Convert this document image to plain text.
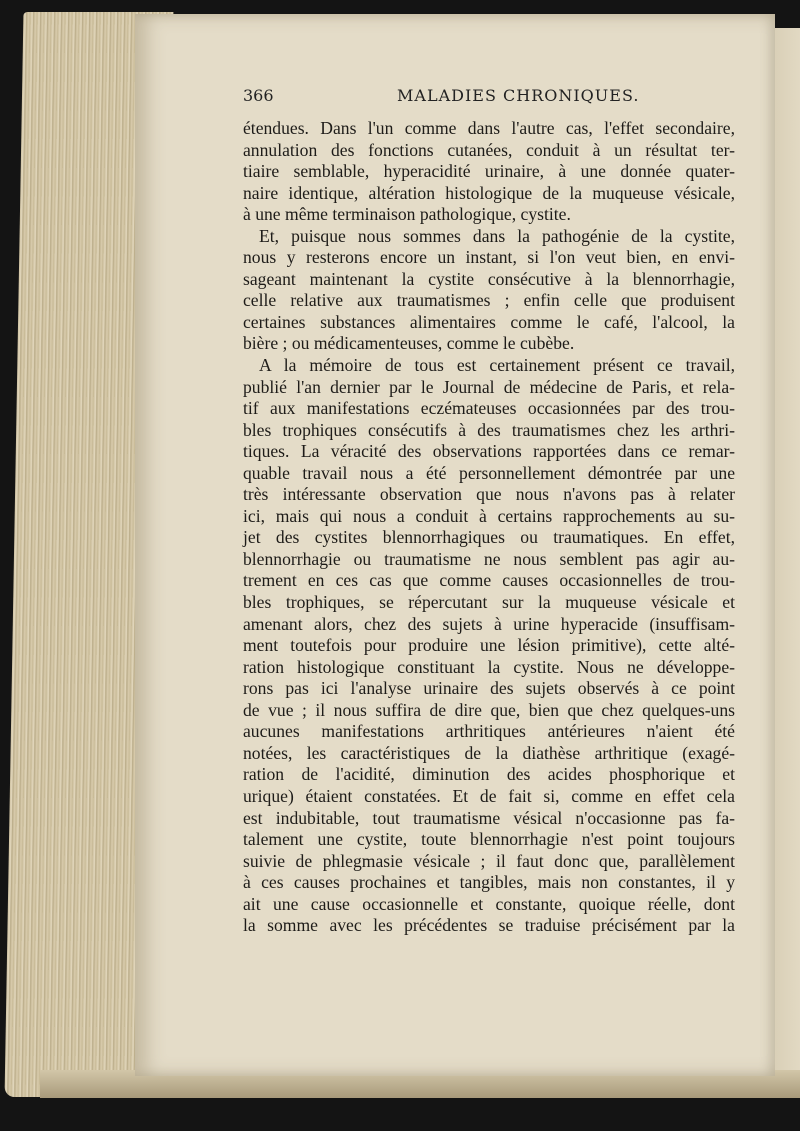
366	MALADIES CHRONIQUES.
étendues. Dans l'un comme dans l'autre cas, l'effet secondaire,
annulation des fonctions cutanées, conduit à un résultat ter-
tiaire semblable, hyperacidité urinaire, à une donnée quater-
naire identique, altération histologique de la muqueuse vésicale,
à une même terminaison pathologique, cystite.
Et, puisque nous sommes dans la pathogénie de la cystite,
nous y resterons encore un instant, si l'on veut bien, en envi-
sageant maintenant la cystite consécutive à la blennorrhagie,
celle relative aux traumatismes ; enfin celle que produisent
certaines substances alimentaires comme le café, l'alcool, la
bière ; ou médicamenteuses, comme le cubèbe.
A la mémoire de tous est certainement présent ce travail,
publié l'an dernier par le Journal de médecine de Paris, et rela-
tif aux manifestations eczémateuses occasionnées par des trou-
bles trophiques consécutifs à des traumatismes chez les arthri-
tiques. La véracité des observations rapportées dans ce remar-
quable travail nous a été personnellement démontrée par une
très intéressante observation que nous n'avons pas à relater
ici, mais qui nous a conduit à certains rapprochements au su-
jet des cystites blennorrhagiques ou traumatiques. En effet,
blennorrhagie ou traumatisme ne nous semblent pas agir au-
trement en ces cas que comme causes occasionnelles de trou-
bles trophiques, se répercutant sur la muqueuse vésicale et
amenant alors, chez des sujets à urine hyperacide (insuffisam-
ment toutefois pour produire une lésion primitive), cette alté-
ration histologique constituant la cystite. Nous ne développe-
rons pas ici l'analyse urinaire des sujets observés à ce point
de vue ; il nous suffira de dire que, bien que chez quelques-uns
aucunes manifestations arthritiques antérieures n'aient été
notées, les caractéristiques de la diathèse arthritique (exagé-
ration de l'acidité, diminution des acides phosphorique et
urique) étaient constatées. Et de fait si, comme en effet cela
est indubitable, tout traumatisme vésical n'occasionne pas fa-
talement une cystite, toute blennorrhagie n'est point toujours
suivie de phlegmasie vésicale ; il faut donc que, parallèlement
à ces causes prochaines et tangibles, mais non constantes, il y
ait une cause occasionnelle et constante, quoique réelle, dont
la somme avec les précédentes se traduise précisément par la
